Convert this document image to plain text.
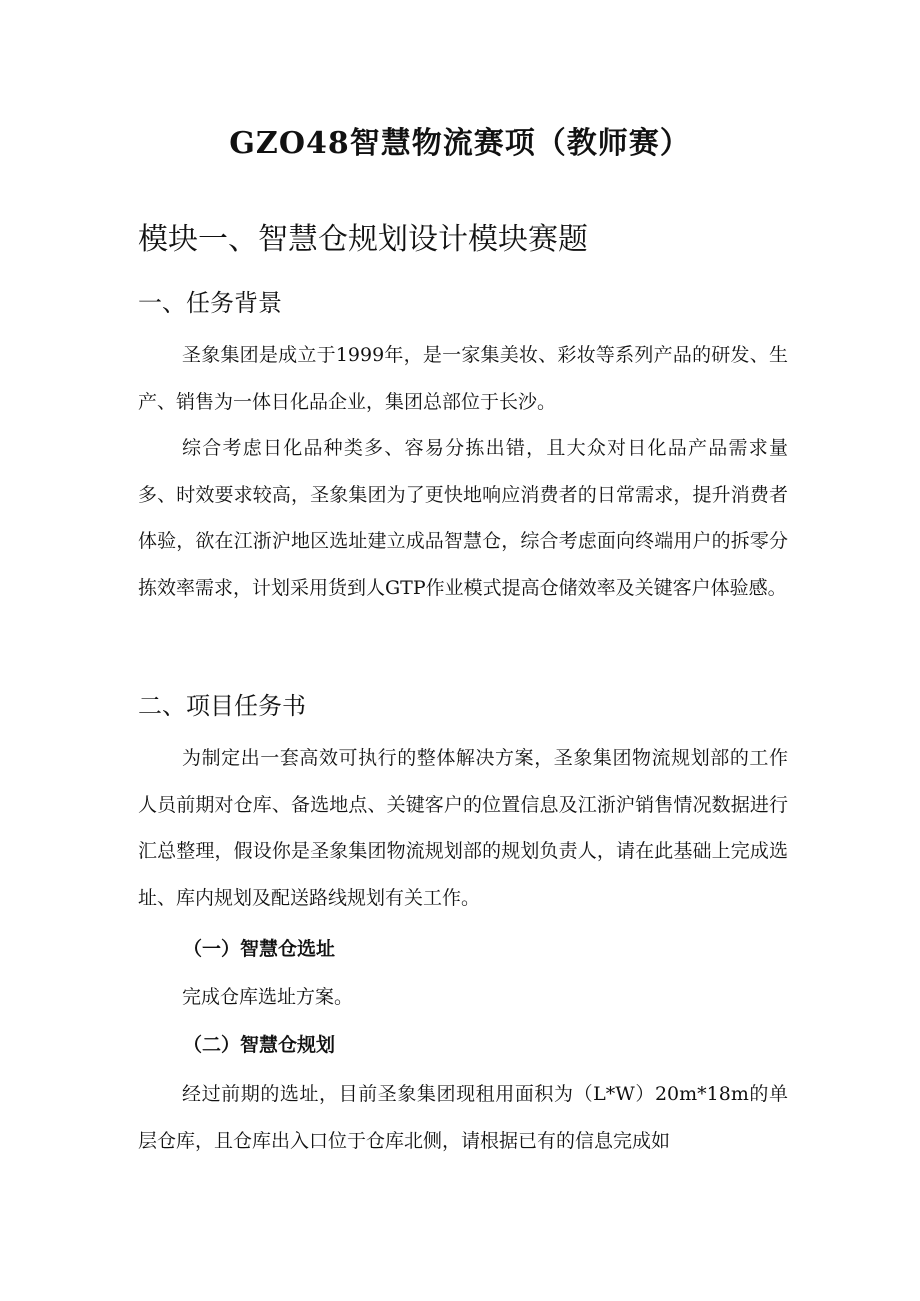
GZO48智慧物流赛项（教师赛）
模块一、智慧仓规划设计模块赛题
一、任务背景

圣象集团是成立于1999年，是一家集美妆、彩妆等系列产品的研发、生产、销售为一体日化品企业，集团总部位于长沙。

综合考虑日化品种类多、容易分拣出错，且大众对日化品产品需求量多、时效要求较高，圣象集团为了更快地响应消费者的日常需求，提升消费者体验，欲在江浙沪地区选址建立成品智慧仓，综合考虑面向终端用户的拆零分拣效率需求，计划采用货到人GTP作业模式提高仓储效率及关键客户体验感。

二、项目任务书

为制定出一套高效可执行的整体解决方案，圣象集团物流规划部的工作人员前期对仓库、备选地点、关键客户的位置信息及江浙沪销售情况数据进行汇总整理，假设你是圣象集团物流规划部的规划负责人，请在此基础上完成选址、库内规划及配送路线规划有关工作。

（一）智慧仓选址
完成仓库选址方案。
（二）智慧仓规划

经过前期的选址，目前圣象集团现租用面积为（L*W）20m*18m的单层仓库，且仓库出入口位于仓库北侧，请根据已有的信息完成如
